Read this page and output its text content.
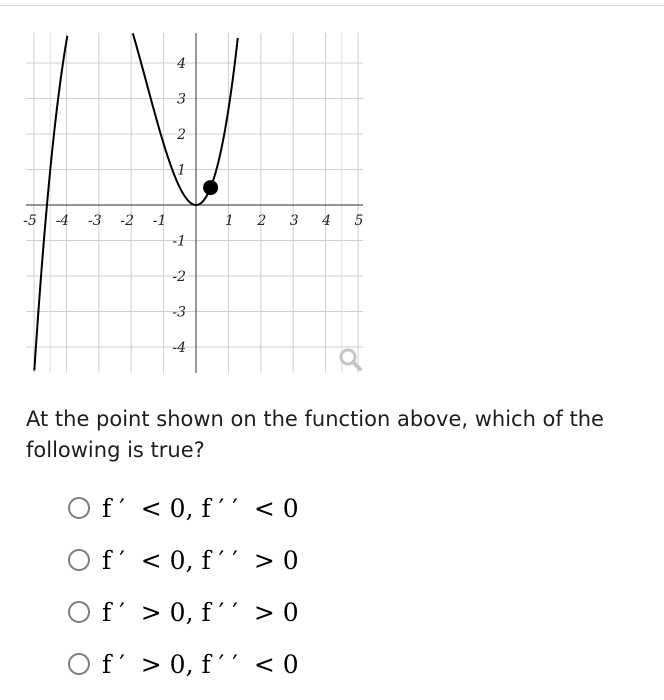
-5 -4 -3 -2 -1	1 2 3 4 5
4
3
2
1
-1
-2
-3
-4
At the point shown on the function above, which of the following is true?
f ′  < 0, f ′ ′  < 0
f ′  < 0, f ′ ′  > 0
f ′  > 0, f ′ ′  > 0
f ′  > 0, f ′ ′  < 0
